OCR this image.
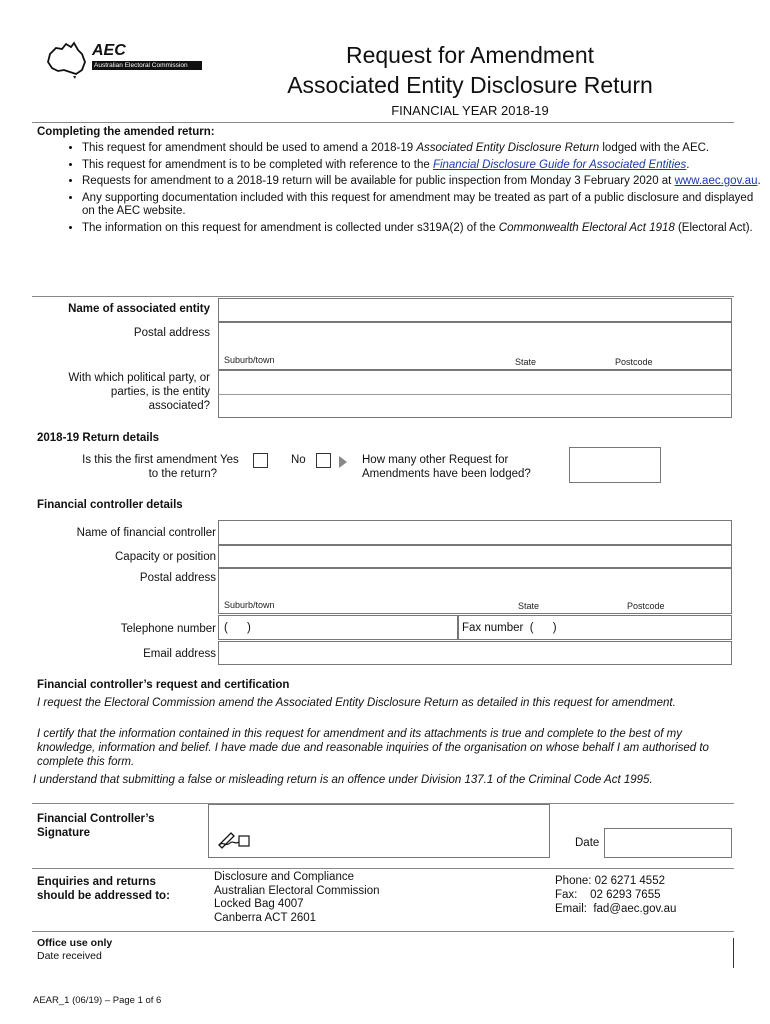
AEC
Australian Electoral Commission	Request for Amendment
Associated Entity Disclosure Return
FINANCIAL YEAR 2018-19
Completing the amended return:
• This request for amendment should be used to amend a 2018-19 Associated Entity Disclosure Return lodged with the AEC.
• This request for amendment is to be completed with reference to the Financial Disclosure Guide for Associated Entities.
• Requests for amendment to a 2018-19 return will be available for public inspection from Monday 3 February 2020 at www.aec.gov.au.
• Any supporting documentation included with this request for amendment may be treated as part of a public disclosure and displayed on the AEC website.
• The information on this request for amendment is collected under s319A(2) of the Commonwealth Electoral Act 1918 (Electoral Act).
Name of associated entity
Postal address
Suburb/town	State	Postcode
With which political party, or
parties, is the entity
associated?
2018-19 Return details
Is this the first amendment
to the return?
Yes	No	How many other Request for
Amendments have been lodged?
Financial controller details
Name of financial controller
Capacity or position
Postal address
Suburb/town	State	Postcode
Telephone number (      )	Fax number  (      )
Email address
Financial controller’s request and certification
I request the Electoral Commission amend the Associated Entity Disclosure Return as detailed in this request for amendment.
I certify that the information contained in this request for amendment and its attachments is true and complete to the best of my knowledge, information and belief. I have made due and reasonable inquiries of the organisation on whose behalf I am authorised to complete this form.
I understand that submitting a false or misleading return is an offence under Division 137.1 of the Criminal Code Act 1995.
Financial Controller’s
Signature
Date
Enquiries and returns
should be addressed to:
Disclosure and Compliance
Australian Electoral Commission
Locked Bag 4007
Canberra ACT 2601
Phone: 02 6271 4552
Fax:    02 6293 7655
Email:  fad@aec.gov.au
Office use only
Date received
AEAR_1 (06/19) – Page 1 of 6
